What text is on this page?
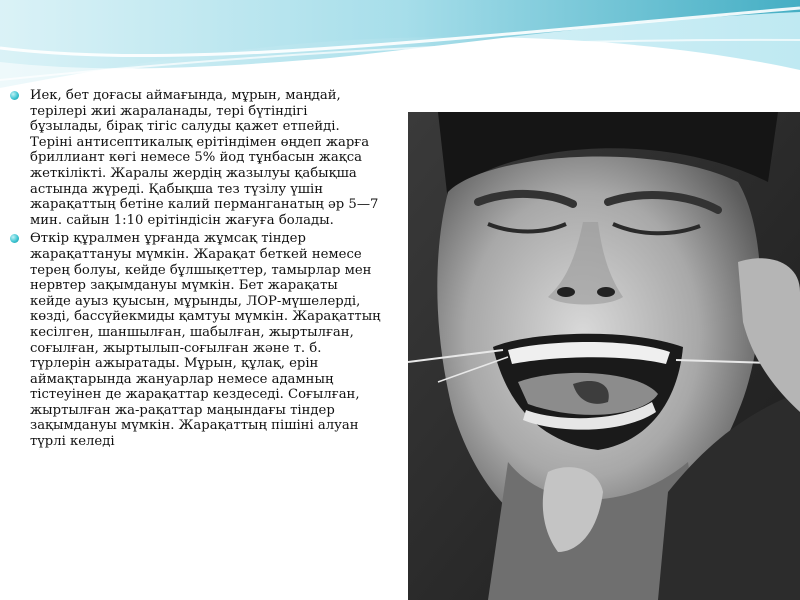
Иек, бет доғасы аймағында, мұрын, маңдай, терілері жиі жараланады, тері бүтіндігі бұзылады, бірақ тігіс салуды қажет етпейді. Теріні антисептикалық ерітіндімен өңдеп жарға бриллиант көгі немесе 5% йод тұнбасын жақса жеткілікті. Жаралы жердің жазылуы қабықша астында жүреді. Қабықша тез түзілу үшін жарақаттың бетіне калий перманганатың әр 5—7 мин. сайын 1:10 ерітіндісін жағуға болады.
Өткір құралмен ұрғанда жұмсақ тіндер жарақаттануы мүмкін. Жарақат беткей немесе терең болуы, кейде бұлшықеттер, тамырлар мен нервтер зақымдануы мүмкін. Бет жарақаты кейде ауыз қуысын, мұрынды, ЛОР-мүшелерді, көзді, бассүйекмиды қамтуы мүмкін. Жарақаттың кесілген, шаншылған, шабылған, жыртылған, соғылған, жыртылып-соғылған және т. б. түрлерін ажыратады. Мұрын, құлақ, ерін аймақтарында жануарлар немесе адамның тістеуінен де жарақаттар кездеседі. Соғылған, жыртылған жа-рақаттар маңындағы тіндер зақымдануы мүмкін. Жарақаттың пішіні алуан түрлі келеді
